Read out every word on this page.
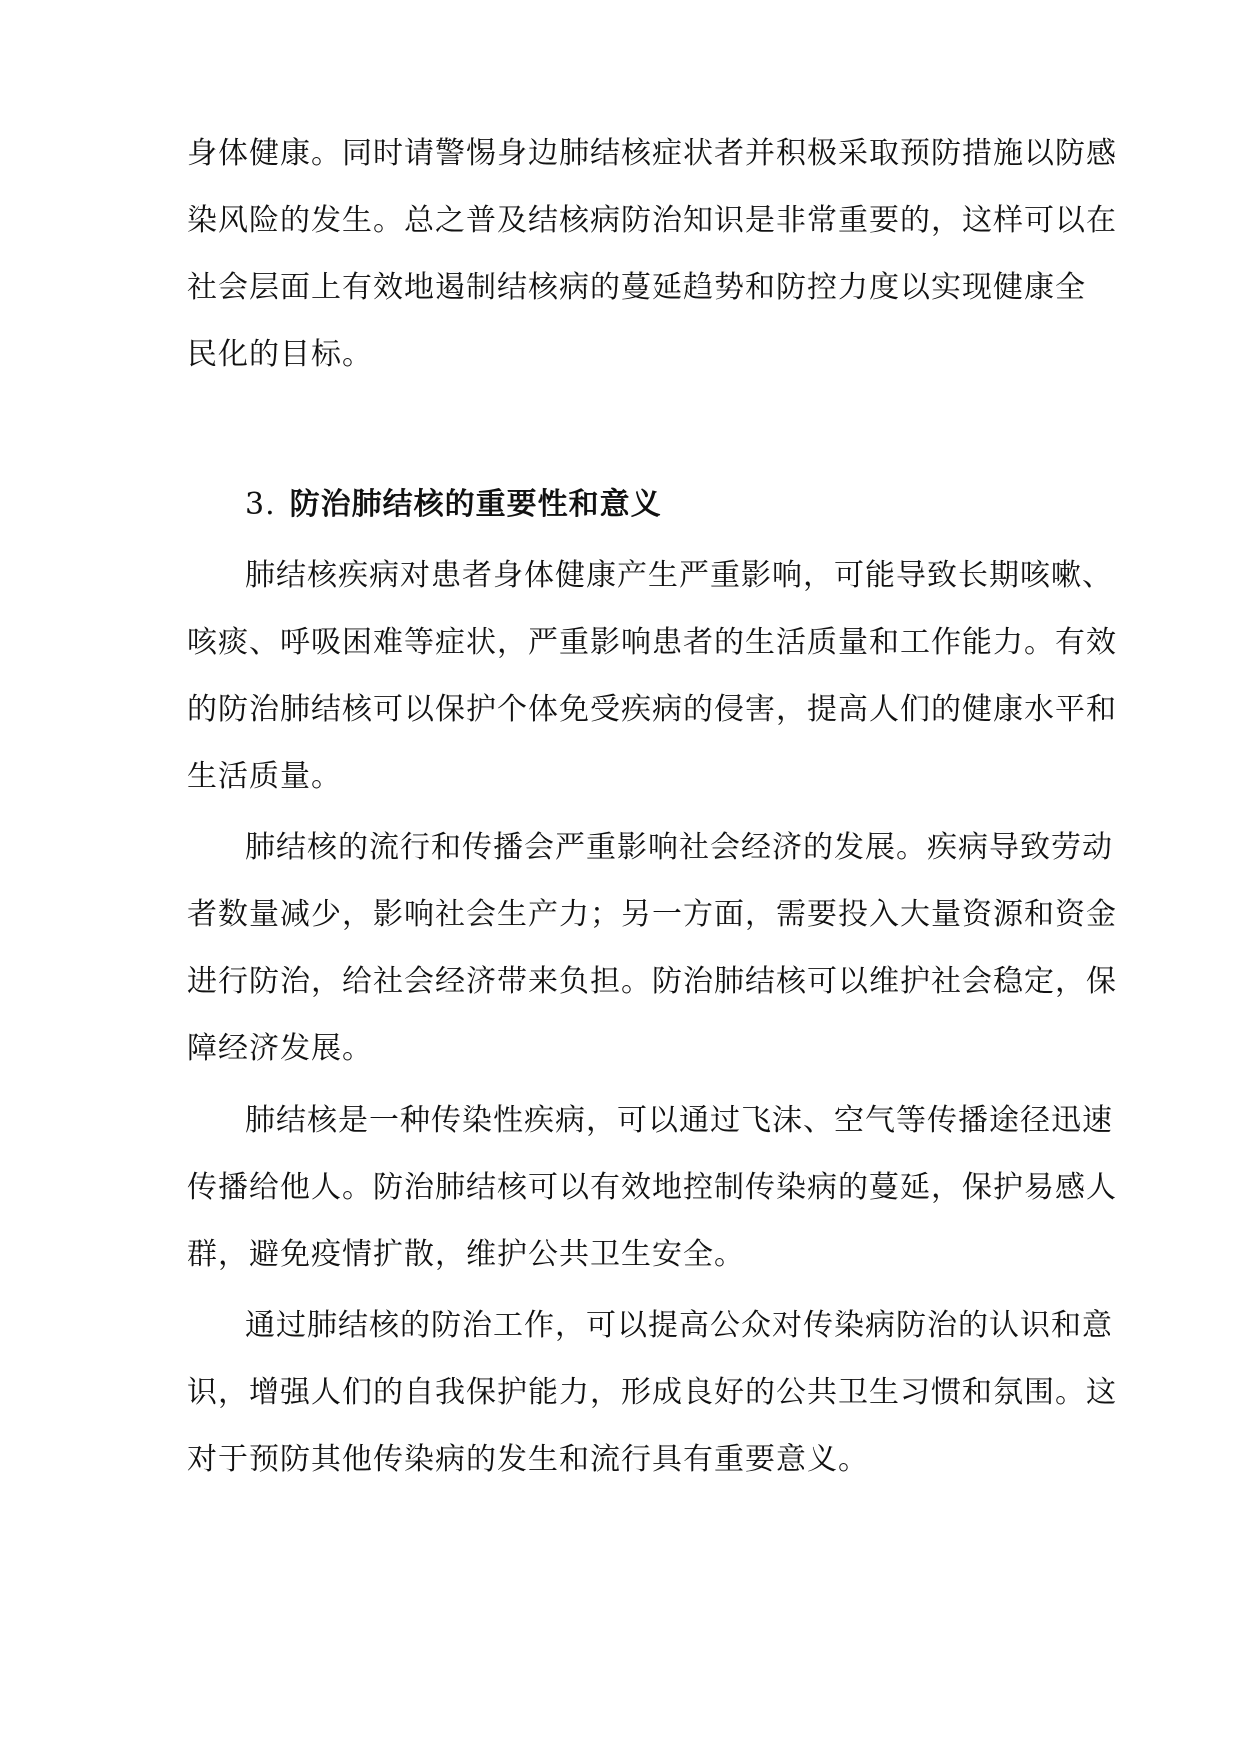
身体健康。同时请警惕身边肺结核症状者并积极采取预防措施以防感

染风险的发生。总之普及结核病防治知识是非常重要的，这样可以在

社会层面上有效地遏制结核病的蔓延趋势和防控力度以实现健康全

民化的目标。

3. 防治肺结核的重要性和意义

肺结核疾病对患者身体健康产生严重影响，可能导致长期咳嗽、

咳痰、呼吸困难等症状，严重影响患者的生活质量和工作能力。有效

的防治肺结核可以保护个体免受疾病的侵害，提高人们的健康水平和

生活质量。

肺结核的流行和传播会严重影响社会经济的发展。疾病导致劳动

者数量减少，影响社会生产力；另一方面，需要投入大量资源和资金

进行防治，给社会经济带来负担。防治肺结核可以维护社会稳定，保

障经济发展。

肺结核是一种传染性疾病，可以通过飞沫、空气等传播途径迅速

传播给他人。防治肺结核可以有效地控制传染病的蔓延，保护易感人

群，避免疫情扩散，维护公共卫生安全。

通过肺结核的防治工作，可以提高公众对传染病防治的认识和意

识，增强人们的自我保护能力，形成良好的公共卫生习惯和氛围。这

对于预防其他传染病的发生和流行具有重要意义。
